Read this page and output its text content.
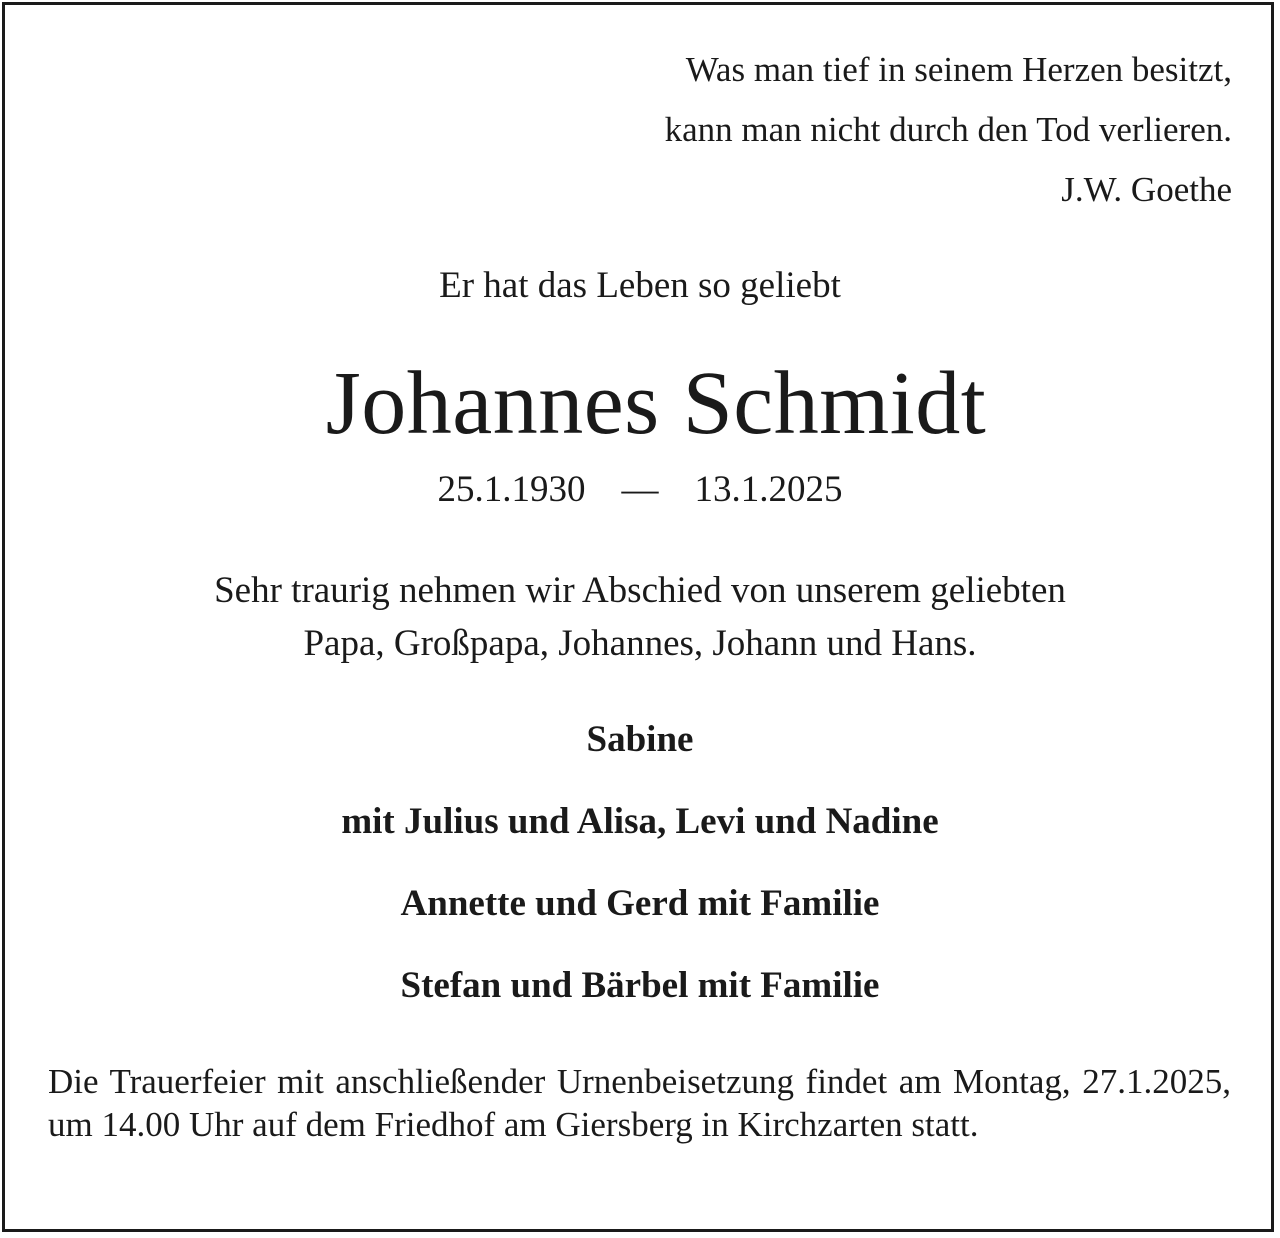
Was man tief in seinem Herzen besitzt,

kann man nicht durch den Tod verlieren.

J.W. Goethe

Er hat das Leben so geliebt

Johannes Schmidt
25.1.1930 — 13.1.2025
Sehr traurig nehmen wir Abschied von unserem geliebten
Papa, Großpapa, Johannes, Johann und Hans.

Sabine

mit Julius und Alisa, Levi und Nadine

Annette und Gerd mit Familie

Stefan und Bärbel mit Familie

Die Trauerfeier mit anschließender Urnenbeisetzung findet am Montag, 27.1.2025, um 14.00 Uhr auf dem Friedhof am Giersberg in Kirchzarten statt.
